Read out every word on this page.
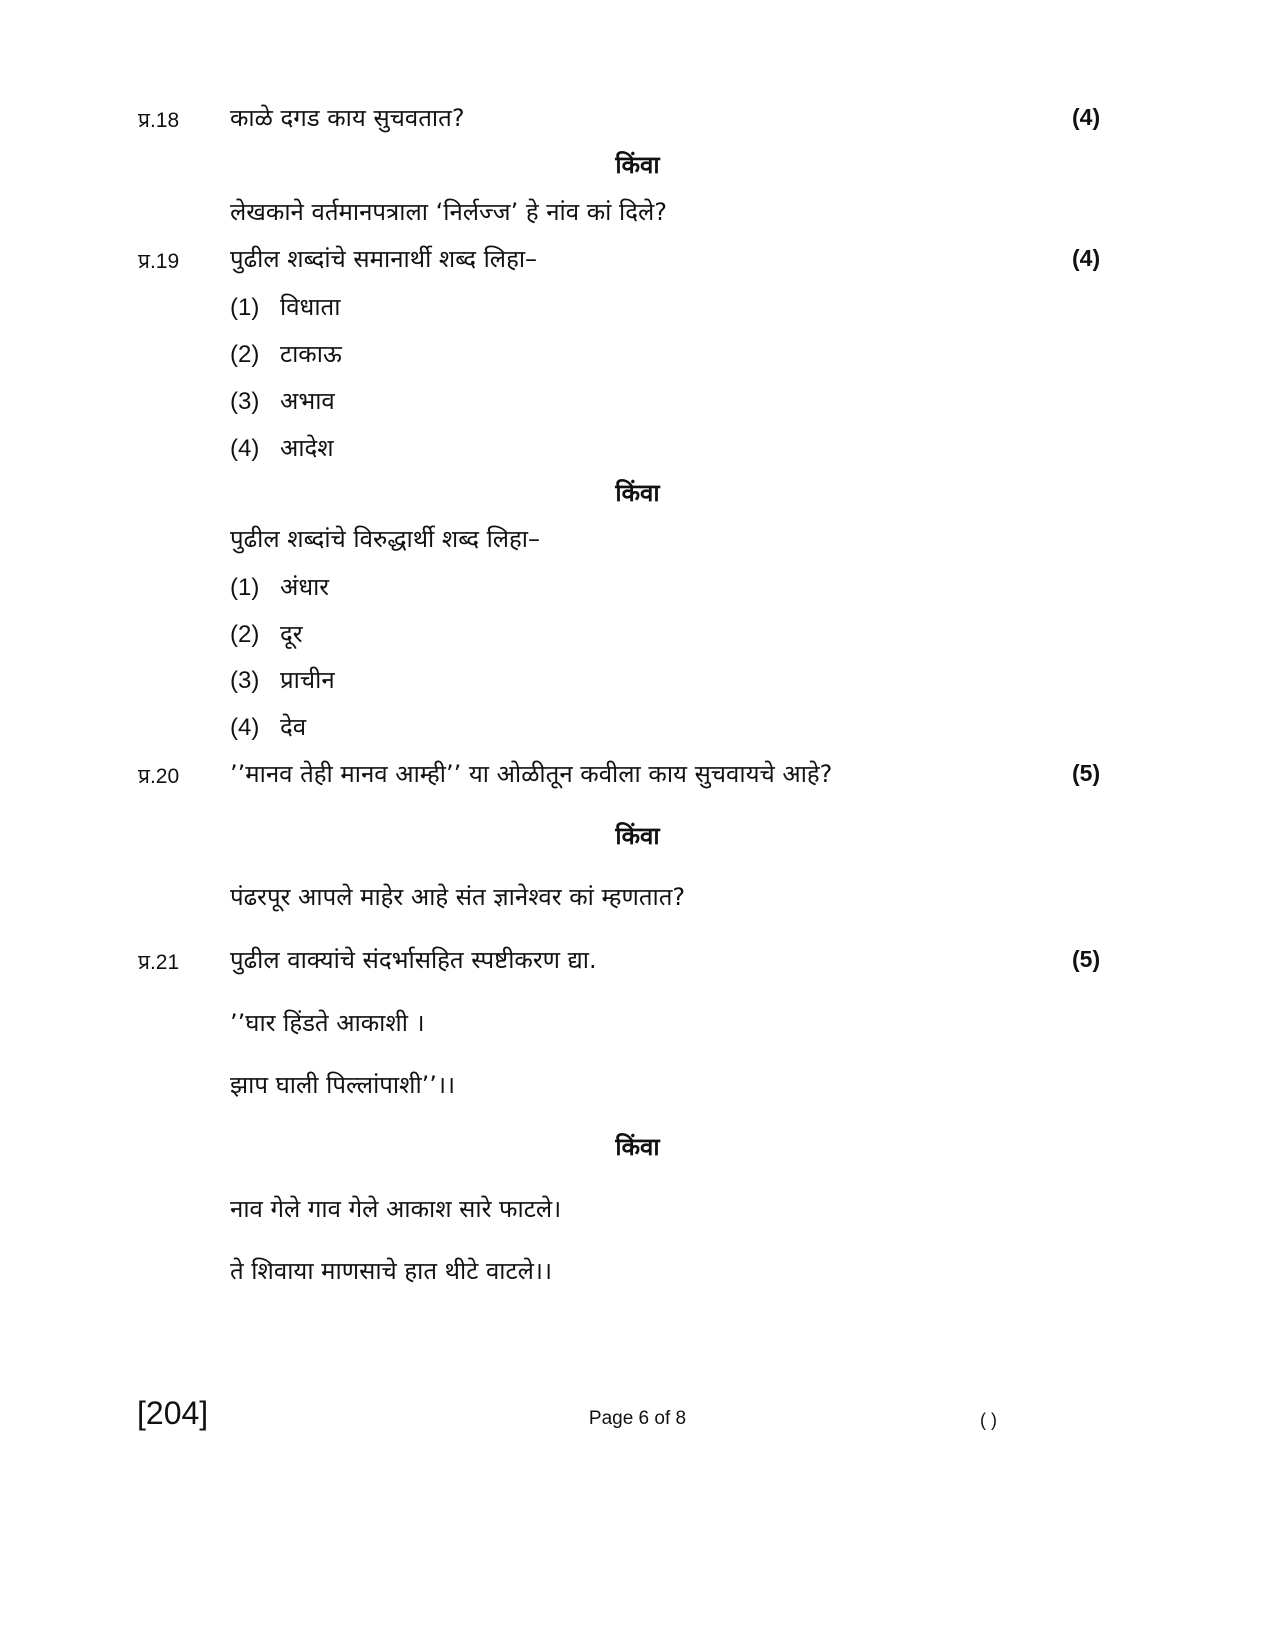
प्र.18 काळे दगड काय सुचवतात?	(4)
किंवा
लेखकाने वर्तमानपत्राला ‘निर्लज्ज’ हे नांव कां दिले?
प्र.19 पुढील शब्दांचे समानार्थी शब्द लिहा–	(4)
(1) विधाता
(2) टाकाऊ
(3) अभाव
(4) आदेश
किंवा
पुढील शब्दांचे विरुद्धार्थी शब्द लिहा–
(1) अंधार
(2) दूर
(3) प्राचीन
(4) देव
प्र.20 ’’मानव तेही मानव आम्ही’’ या ओळीतून कवीला काय सुचवायचे आहे?	(5)
किंवा
पंढरपूर आपले माहेर आहे संत ज्ञानेश्वर कां म्हणतात?
प्र.21 पुढील वाक्यांचे संदर्भासहित स्पष्टीकरण द्या.	(5)
’’घार हिंडते आकाशी ।
झाप घाली पिल्लांपाशी’’।।
किंवा
नाव गेले गाव गेले आकाश सारे फाटले।
ते शिवाया माणसाचे हात थीटे वाटले।।
[204]	Page 6 of 8	( )
